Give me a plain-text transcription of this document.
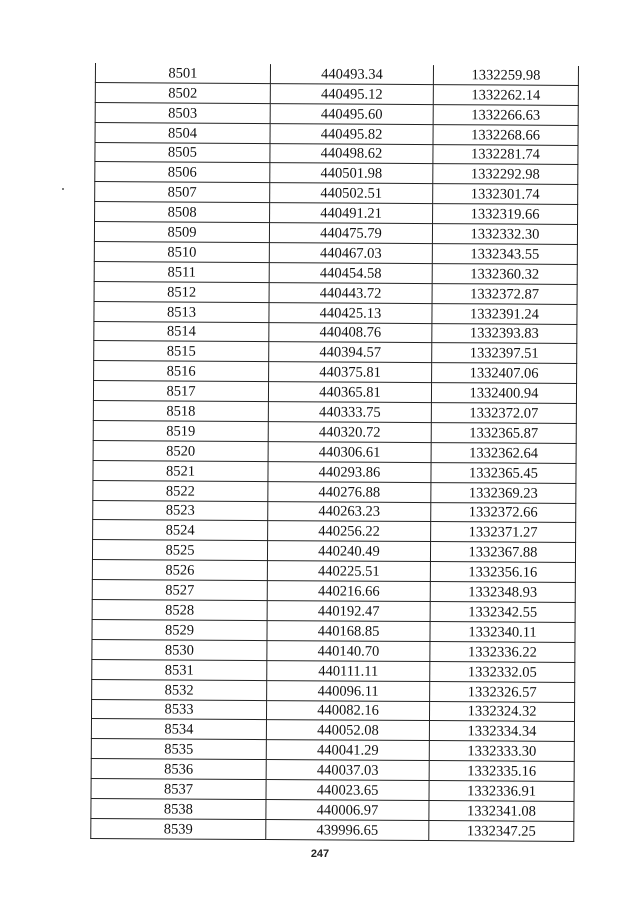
8501	440493.34	1332259.98
8502	440495.12	1332262.14
8503	440495.60	1332266.63
8504	440495.82	1332268.66
8505	440498.62	1332281.74
8506	440501.98	1332292.98
8507	440502.51	1332301.74
8508	440491.21	1332319.66
8509	440475.79	1332332.30
8510	440467.03	1332343.55
8511	440454.58	1332360.32
8512	440443.72	1332372.87
8513	440425.13	1332391.24
8514	440408.76	1332393.83
8515	440394.57	1332397.51
8516	440375.81	1332407.06
8517	440365.81	1332400.94
8518	440333.75	1332372.07
8519	440320.72	1332365.87
8520	440306.61	1332362.64
8521	440293.86	1332365.45
8522	440276.88	1332369.23
8523	440263.23	1332372.66
8524	440256.22	1332371.27
8525	440240.49	1332367.88
8526	440225.51	1332356.16
8527	440216.66	1332348.93
8528	440192.47	1332342.55
8529	440168.85	1332340.11
8530	440140.70	1332336.22
8531	440111.11	1332332.05
8532	440096.11	1332326.57
8533	440082.16	1332324.32
8534	440052.08	1332334.34
8535	440041.29	1332333.30
8536	440037.03	1332335.16
8537	440023.65	1332336.91
8538	440006.97	1332341.08
8539	439996.65	1332347.25
247
